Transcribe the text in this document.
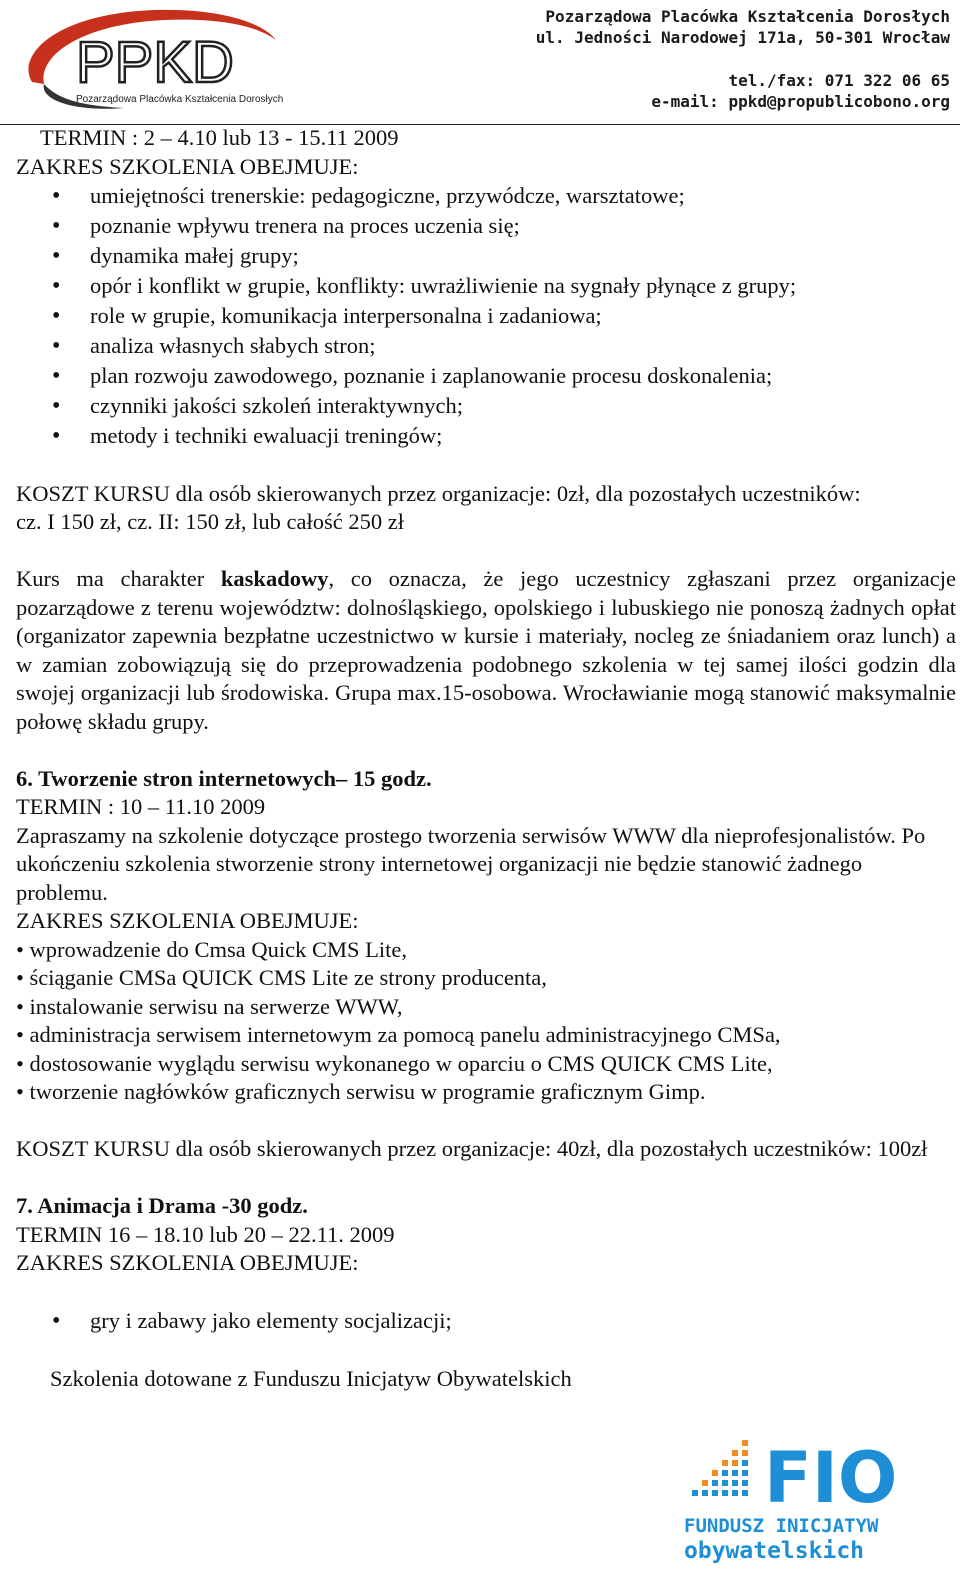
PPKD
Pozarządowa Placówka Kształcenia Dorosłych
Pozarządowa Placówka Kształcenia Dorosłych
ul. Jedności Narodowej 171a, 50-301 Wrocław
tel./fax: 071 322 06 65
e-mail: ppkd@propublicobono.org

TERMIN : 2 – 4.10 lub 13 - 15.11 2009

ZAKRES SZKOLENIA OBEJMUJE:

• umiejętności trenerskie: pedagogiczne, przywódcze, warsztatowe;
• poznanie wpływu trenera na proces uczenia się;
• dynamika małej grupy;
• opór i konflikt w grupie, konflikty: uwrażliwienie na sygnały płynące z grupy;
• role w grupie, komunikacja interpersonalna i zadaniowa;
• analiza własnych słabych stron;
• plan rozwoju zawodowego, poznanie i zaplanowanie procesu doskonalenia;
• czynniki jakości szkoleń interaktywnych;
• metody i techniki ewaluacji treningów;

KOSZT KURSU dla osób skierowanych przez organizacje: 0zł, dla pozostałych uczestników:

cz. I 150 zł, cz. II: 150 zł, lub całość 250 zł

Kurs ma charakter kaskadowy, co oznacza, że jego uczestnicy zgłaszani przez organizacje pozarządowe z terenu województw: dolnośląskiego, opolskiego i lubuskiego nie ponoszą żadnych opłat (organizator zapewnia bezpłatne uczestnictwo w kursie i materiały, nocleg ze śniadaniem oraz lunch) a w zamian zobowiązują się do przeprowadzenia podobnego szkolenia w tej samej ilości godzin dla swojej organizacji lub środowiska. Grupa max.15-osobowa. Wrocławianie mogą stanowić maksymalnie połowę składu grupy.

6. Tworzenie stron internetowych– 15 godz.

TERMIN : 10 – 11.10 2009

Zapraszamy na szkolenie dotyczące prostego tworzenia serwisów WWW dla nieprofesjonalistów. Po ukończeniu szkolenia stworzenie strony internetowej organizacji nie będzie stanowić żadnego problemu.

ZAKRES SZKOLENIA OBEJMUJE:

• wprowadzenie do Cmsa Quick CMS Lite,
• ściąganie CMSa QUICK CMS Lite ze strony producenta,
• instalowanie serwisu na serwerze WWW,
• administracja serwisem internetowym za pomocą panelu administracyjnego CMSa,
• dostosowanie wyglądu serwisu wykonanego w oparciu o CMS QUICK CMS Lite,
• tworzenie nagłówków graficznych serwisu w programie graficznym Gimp.

KOSZT KURSU dla osób skierowanych przez organizacje: 40zł, dla pozostałych uczestników: 100zł

7. Animacja i Drama -30 godz.

TERMIN 16 – 18.10 lub 20 – 22.11. 2009

ZAKRES SZKOLENIA OBEJMUJE:

• gry i zabawy jako elementy socjalizacji;

Szkolenia dotowane z Funduszu Inicjatyw Obywatelskich

FIO
FUNDUSZ INICJATYW
obywatelskich
